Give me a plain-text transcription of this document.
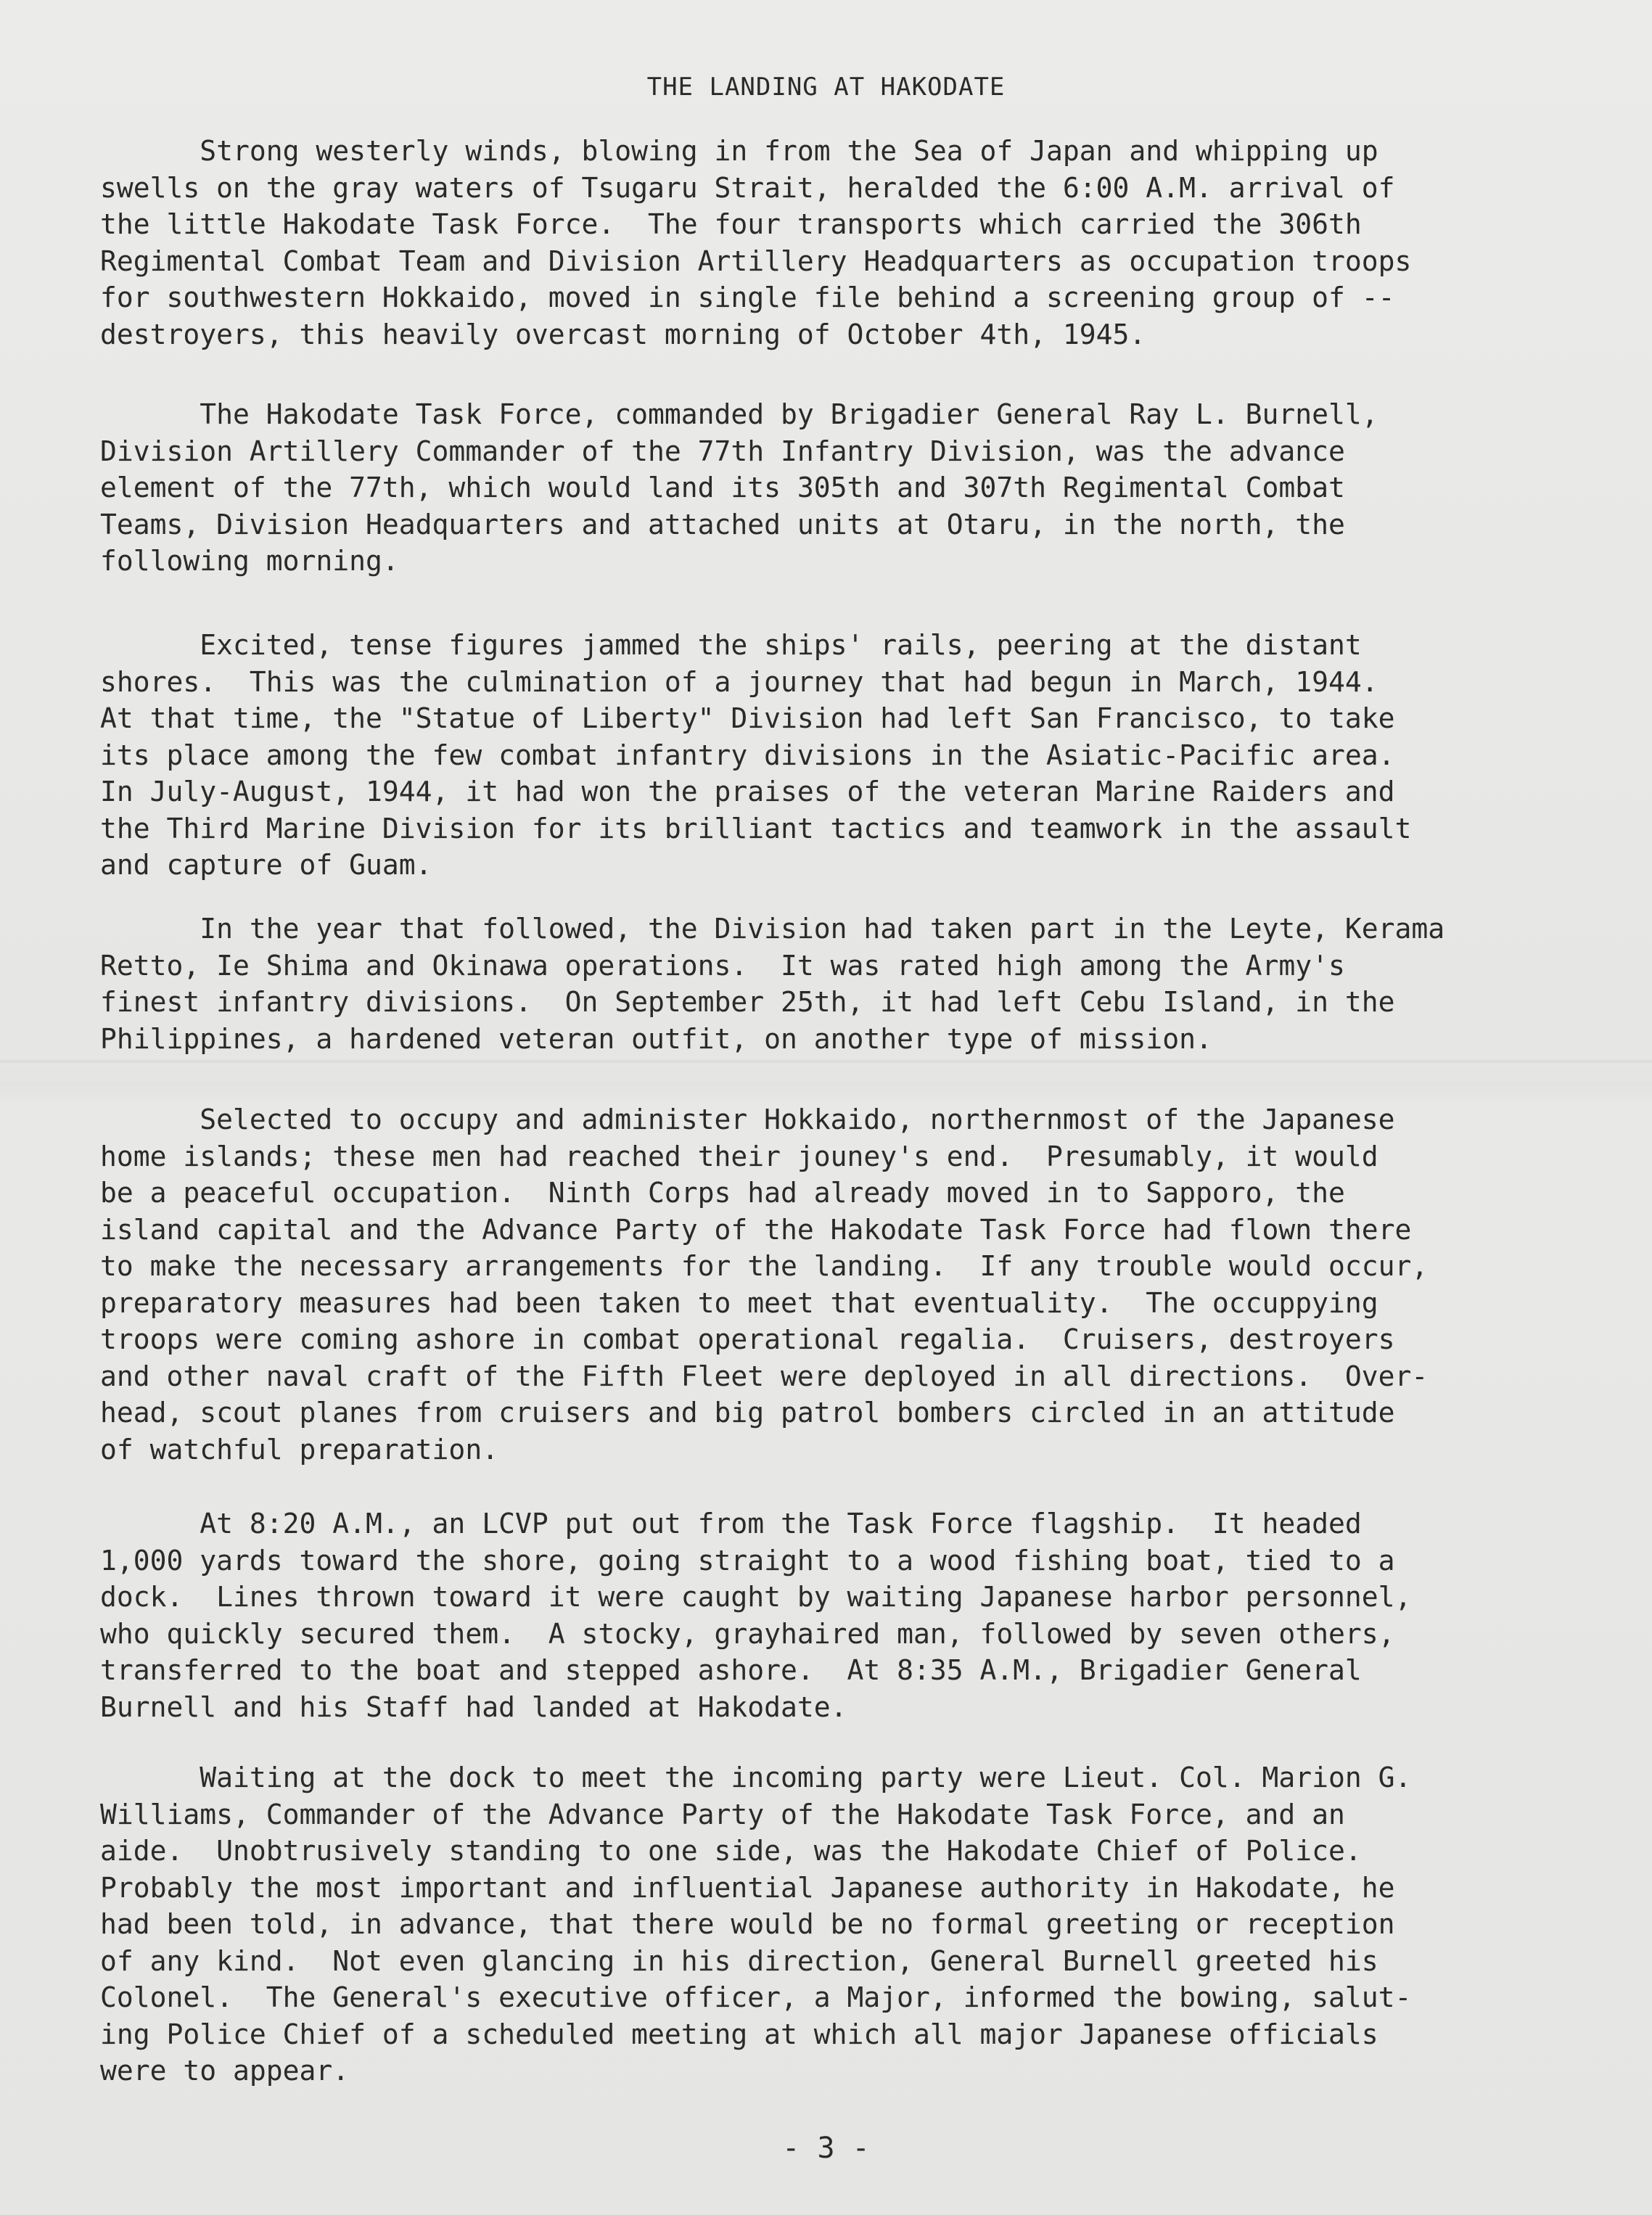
THE LANDING AT HAKODATE
Strong westerly winds, blowing in from the Sea of Japan and whipping up
swells on the gray waters of Tsugaru Strait, heralded the 6:00 A.M. arrival of
the little Hakodate Task Force.  The four transports which carried the 306th
Regimental Combat Team and Division Artillery Headquarters as occupation troops
for southwestern Hokkaido, moved in single file behind a screening group of --
destroyers, this heavily overcast morning of October 4th, 1945.
The Hakodate Task Force, commanded by Brigadier General Ray L. Burnell,
Division Artillery Commander of the 77th Infantry Division, was the advance
element of the 77th, which would land its 305th and 307th Regimental Combat
Teams, Division Headquarters and attached units at Otaru, in the north, the
following morning.
Excited, tense figures jammed the ships' rails, peering at the distant
shores.  This was the culmination of a journey that had begun in March, 1944.
At that time, the "Statue of Liberty" Division had left San Francisco, to take
its place among the few combat infantry divisions in the Asiatic-Pacific area.
In July-August, 1944, it had won the praises of the veteran Marine Raiders and
the Third Marine Division for its brilliant tactics and teamwork in the assault
and capture of Guam.
In the year that followed, the Division had taken part in the Leyte, Kerama
Retto, Ie Shima and Okinawa operations.  It was rated high among the Army's
finest infantry divisions.  On September 25th, it had left Cebu Island, in the
Philippines, a hardened veteran outfit, on another type of mission.
Selected to occupy and administer Hokkaido, northernmost of the Japanese
home islands; these men had reached their jouney's end.  Presumably, it would
be a peaceful occupation.  Ninth Corps had already moved in to Sapporo, the
island capital and the Advance Party of the Hakodate Task Force had flown there
to make the necessary arrangements for the landing.  If any trouble would occur,
preparatory measures had been taken to meet that eventuality.  The occuppying
troops were coming ashore in combat operational regalia.  Cruisers, destroyers
and other naval craft of the Fifth Fleet were deployed in all directions.  Over-
head, scout planes from cruisers and big patrol bombers circled in an attitude
of watchful preparation.
At 8:20 A.M., an LCVP put out from the Task Force flagship.  It headed
1,000 yards toward the shore, going straight to a wood fishing boat, tied to a
dock.  Lines thrown toward it were caught by waiting Japanese harbor personnel,
who quickly secured them.  A stocky, grayhaired man, followed by seven others,
transferred to the boat and stepped ashore.  At 8:35 A.M., Brigadier General
Burnell and his Staff had landed at Hakodate.
Waiting at the dock to meet the incoming party were Lieut. Col. Marion G.
Williams, Commander of the Advance Party of the Hakodate Task Force, and an
aide.  Unobtrusively standing to one side, was the Hakodate Chief of Police.
Probably the most important and influential Japanese authority in Hakodate, he
had been told, in advance, that there would be no formal greeting or reception
of any kind.  Not even glancing in his direction, General Burnell greeted his
Colonel.  The General's executive officer, a Major, informed the bowing, salut-
ing Police Chief of a scheduled meeting at which all major Japanese officials
were to appear.
- 3 -
